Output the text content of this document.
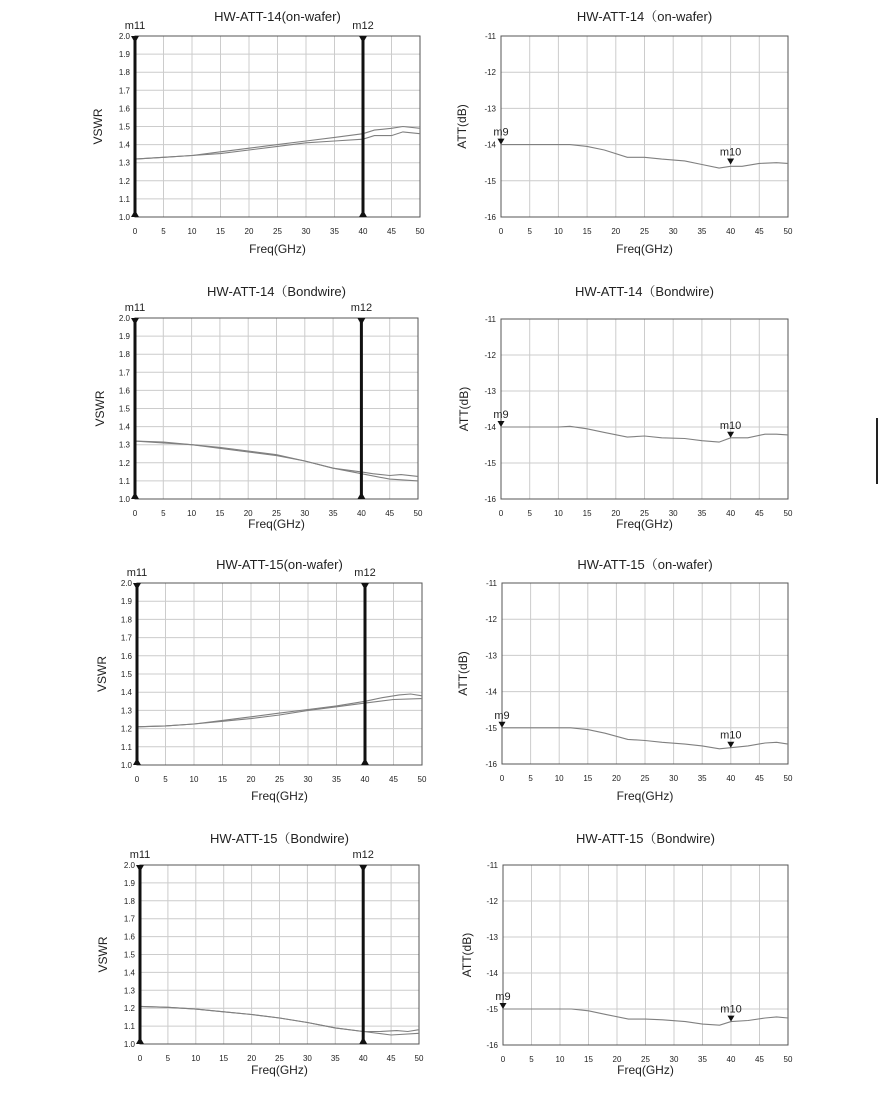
0	5	10 15 20 25 30 35 40 45 50
1.0
1.1
1.2
1.3
1.4
1.5
1.6
1.7
1.8
1.9
2.0
HW-ATT-14(on-wafer)
Freq(GHz)
VSWR
m11	m12
0	5	10 15 20 25 30 35 40 45 50
-16
-15
-14
-13
-12
-11
HW-ATT-14（on-wafer)
Freq(GHz)
ATT(dB) m9
m10
0	5	10 15 20 25 30 35 40 45 50
1.0
1.1
1.2
1.3
1.4
1.5
1.6
1.7
1.8
1.9
2.0
HW-ATT-14（Bondwire)
Freq(GHz)
VSWR
m11	m12
0	5	10 15 20 25 30 35 40 45 50
-16
-15
-14
-13
-12
-11
HW-ATT-14（Bondwire)
Freq(GHz)
ATT(dB) m9
m10
0	5	10 15 20 25 30 35 40 45 50
1.0
1.1
1.2
1.3
1.4
1.5
1.6
1.7
1.8
1.9
2.0
HW-ATT-15(on-wafer)
Freq(GHz)
VSWR
m11	m12
0	5	10 15 20 25 30 35 40 45 50
-16
-15
-14
-13
-12
-11
HW-ATT-15（on-wafer)
Freq(GHz)
ATT(dB)
m9
m10
0	5	10 15 20 25 30 35 40 45 50
1.0
1.1
1.2
1.3
1.4
1.5
1.6
1.7
1.8
1.9
2.0
HW-ATT-15（Bondwire)
Freq(GHz)
VSWR
m11	m12
0	5	10 15 20 25 30 35 40 45 50
-16
-15
-14
-13
-12
-11
HW-ATT-15（Bondwire)
Freq(GHz)
ATT(dB)
m9
m10
